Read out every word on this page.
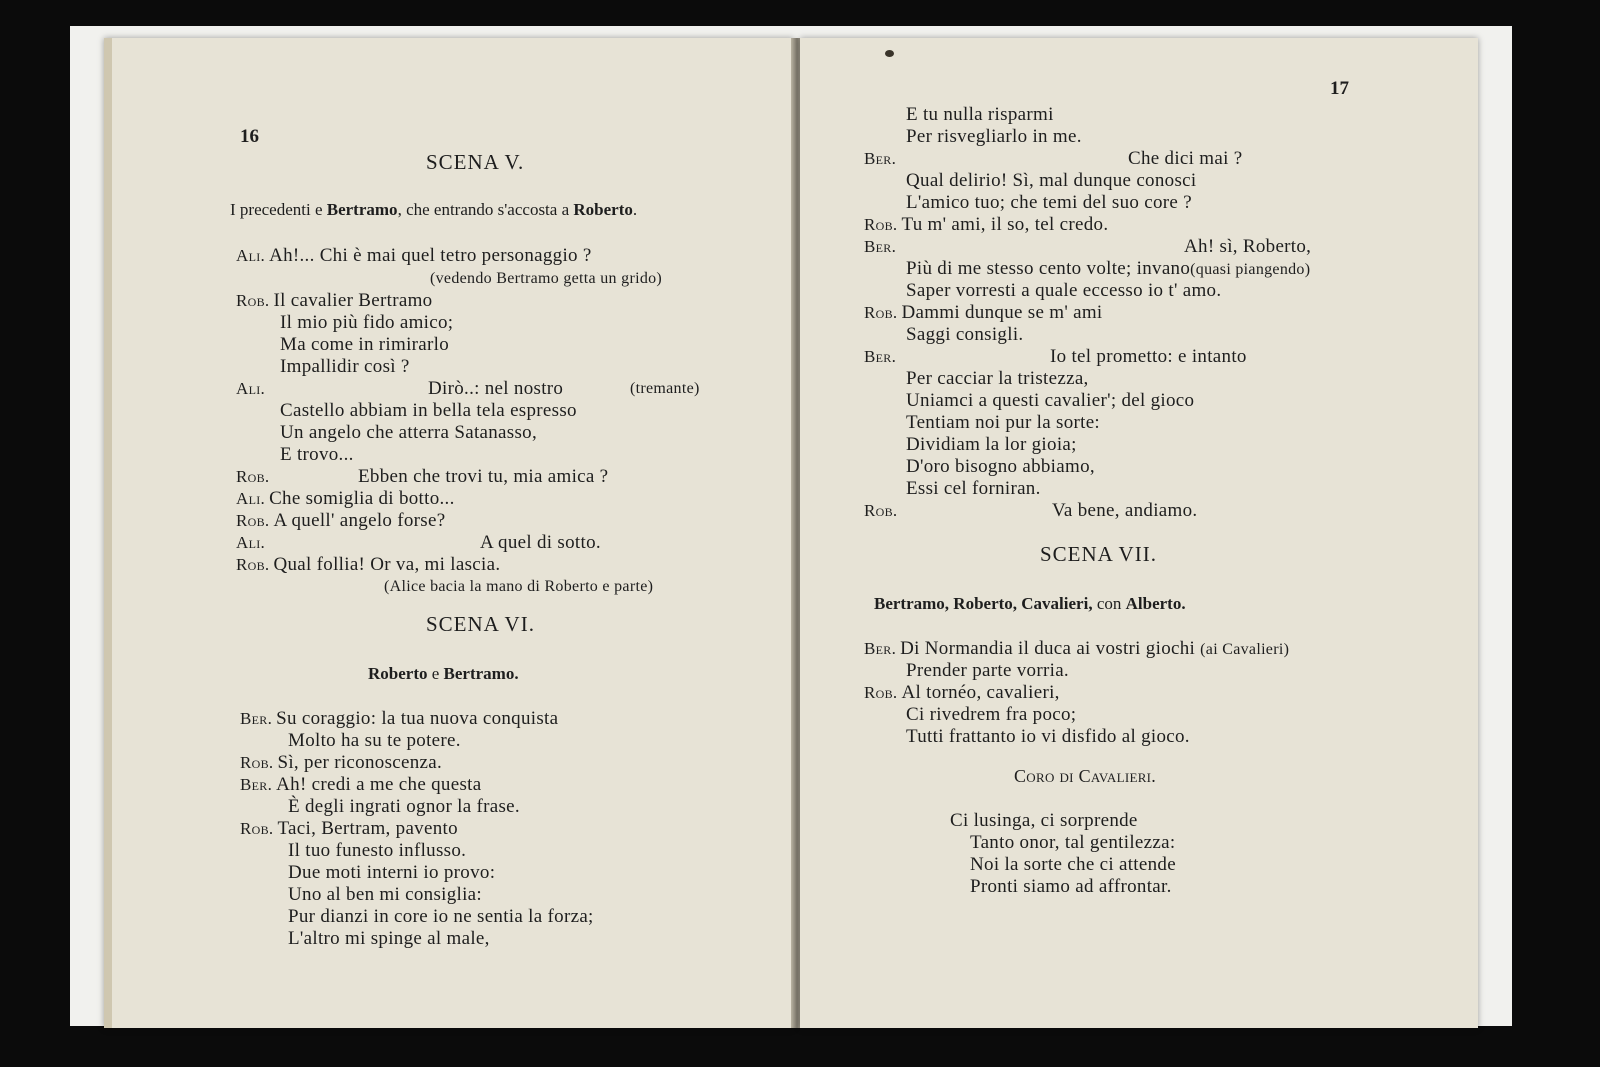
16
SCENA V.
I precedenti e Bertramo, che entrando s'accosta a Roberto.
Ali. Ah!... Chi è mai quel tetro personaggio ?
(vedendo Bertramo getta un grido)
Rob. Il cavalier Bertramo
Il mio più fido amico;
Ma come in rimirarlo
Impallidir così ?
Ali.	Dirò..: nel nostro	(tremante)
Castello abbiam in bella tela espresso
Un angelo che atterra Satanasso,
E trovo...
Rob.	Ebben che trovi tu, mia amica ?
Ali. Che somiglia di botto...
Rob. A quell' angelo forse?
Ali.	A quel di sotto.
Rob. Qual follia! Or va, mi lascia.
(Alice bacia la mano di Roberto e parte)
SCENA VI.
Roberto e Bertramo.
Ber. Su coraggio: la tua nuova conquista
Molto ha su te potere.
Rob. Sì, per riconoscenza.
Ber. Ah! credi a me che questa
È degli ingrati ognor la frase.
Rob. Taci, Bertram, pavento
Il tuo funesto influsso.
Due moti interni io provo:
Uno al ben mi consiglia:
Pur dianzi in core io ne sentia la forza;
L'altro mi spinge al male,
17
E tu nulla risparmi
Per risvegliarlo in me.
Ber.	Che dici mai ?
Qual delirio! Sì, mal dunque conosci
L'amico tuo; che temi del suo core ?
Rob. Tu m' ami, il so, tel credo.
Ber.	Ah! sì, Roberto,
Più di me stesso cento volte; invano(quasi piangendo)
Saper vorresti a quale eccesso io t' amo.
Rob. Dammi dunque se m' ami
Saggi consigli.
Ber.	Io tel prometto: e intanto
Per cacciar la tristezza,
Uniamci a questi cavalier'; del gioco
Tentiam noi pur la sorte:
Dividiam la lor gioia;
D'oro bisogno abbiamo,
Essi cel forniran.
Rob.	Va bene, andiamo.
SCENA VII.
Bertramo, Roberto, Cavalieri, con Alberto.
Ber. Di Normandia il duca ai vostri giochi (ai Cavalieri)
Prender parte vorria.
Rob. Al tornéo, cavalieri,
Ci rivedrem fra poco;
Tutti frattanto io vi disfido al gioco.
Coro di Cavalieri.
Ci lusinga, ci sorprende
Tanto onor, tal gentilezza:
Noi la sorte che ci attende
Pronti siamo ad affrontar.
